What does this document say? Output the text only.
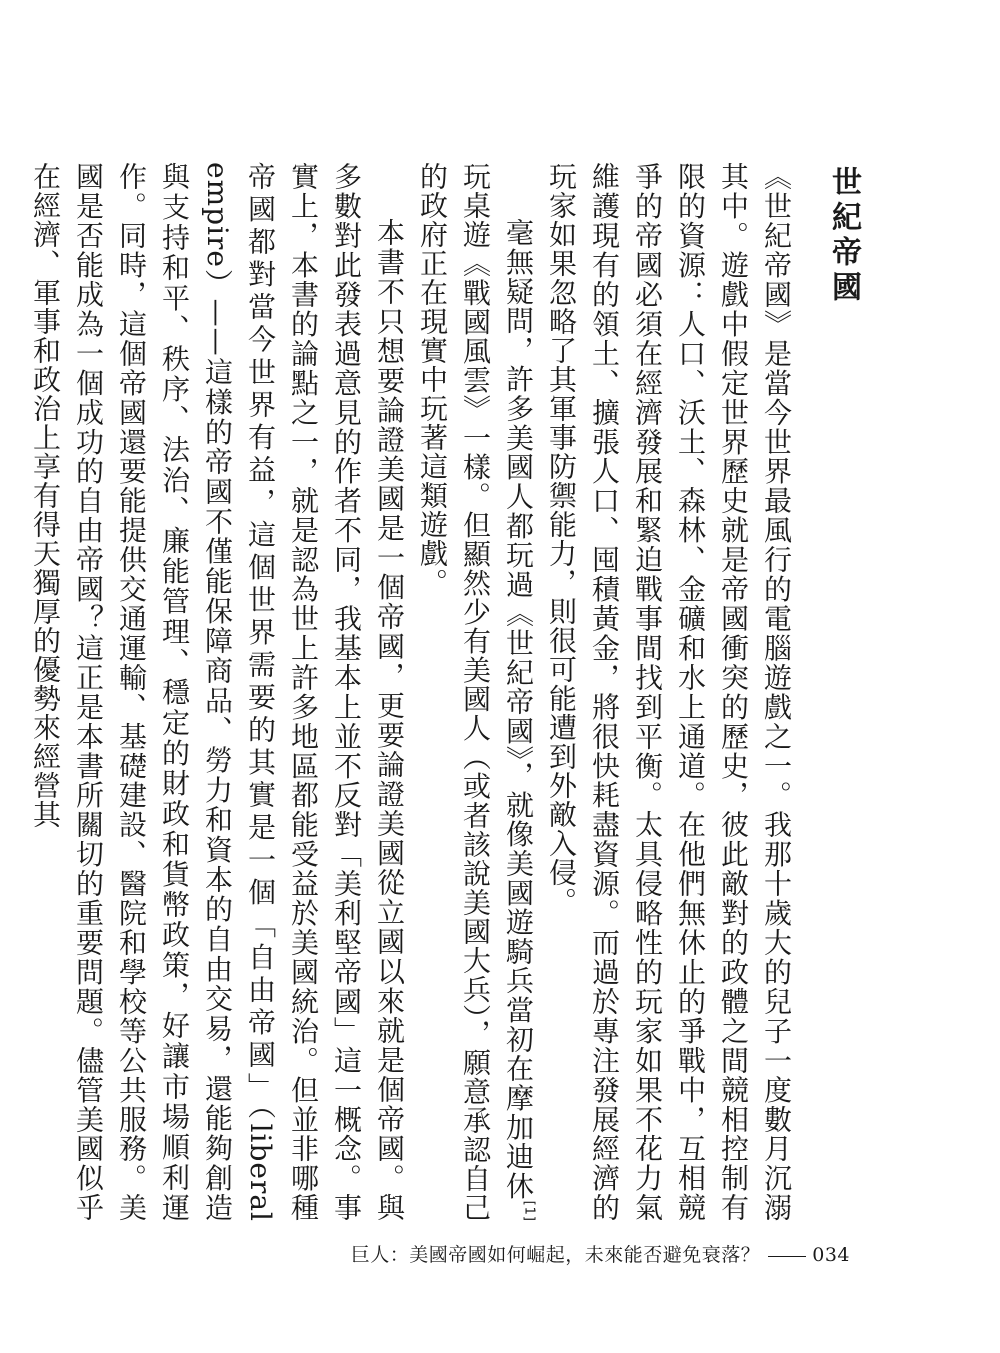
世紀帝國

《世紀帝國》是當今世界最風行的電腦遊戲之一。我那十歲大的兒子一度數月沉溺其中。遊戲中假定世界歷史就是帝國衝突的歷史，彼此敵對的政體之間競相控制有限的資源：人口、沃土、森林、金礦和水上通道。在他們無休止的爭戰中，互相競爭的帝國必須在經濟發展和緊迫戰事間找到平衡。太具侵略性的玩家如果不花力氣維護現有的領土、擴張人口、囤積黃金，將很快耗盡資源。而過於專注發展經濟的玩家如果忽略了其軍事防禦能力，則很可能遭到外敵入侵。

毫無疑問，許多美國人都玩過《世紀帝國》，就像美國遊騎兵當初在摩加迪休[1]玩桌遊《戰國風雲》一樣。但顯然少有美國人（或者該說美國大兵），願意承認自己的政府正在現實中玩著這類遊戲。

本書不只想要論證美國是一個帝國，更要論證美國從立國以來就是個帝國。與多數對此發表過意見的作者不同，我基本上並不反對「美利堅帝國」這一概念。事實上，本書的論點之一，就是認為世上許多地區都能受益於美國統治。但並非哪種帝國都對當今世界有益，這個世界需要的其實是一個「自由帝國」（liberal empire）——這樣的帝國不僅能保障商品、勞力和資本的自由交易，還能夠創造與支持和平、秩序、法治、廉能管理、穩定的財政和貨幣政策，好讓市場順利運作。同時，這個帝國還要能提供交通運輸、基礎建設、醫院和學校等公共服務。美國是否能成為一個成功的自由帝國？這正是本書所關切的重要問題。儘管美國似乎在經濟、軍事和政治上享有得天獨厚的優勢來經營其

巨人：美國帝國如何崛起，未來能否避免衰落？	034
